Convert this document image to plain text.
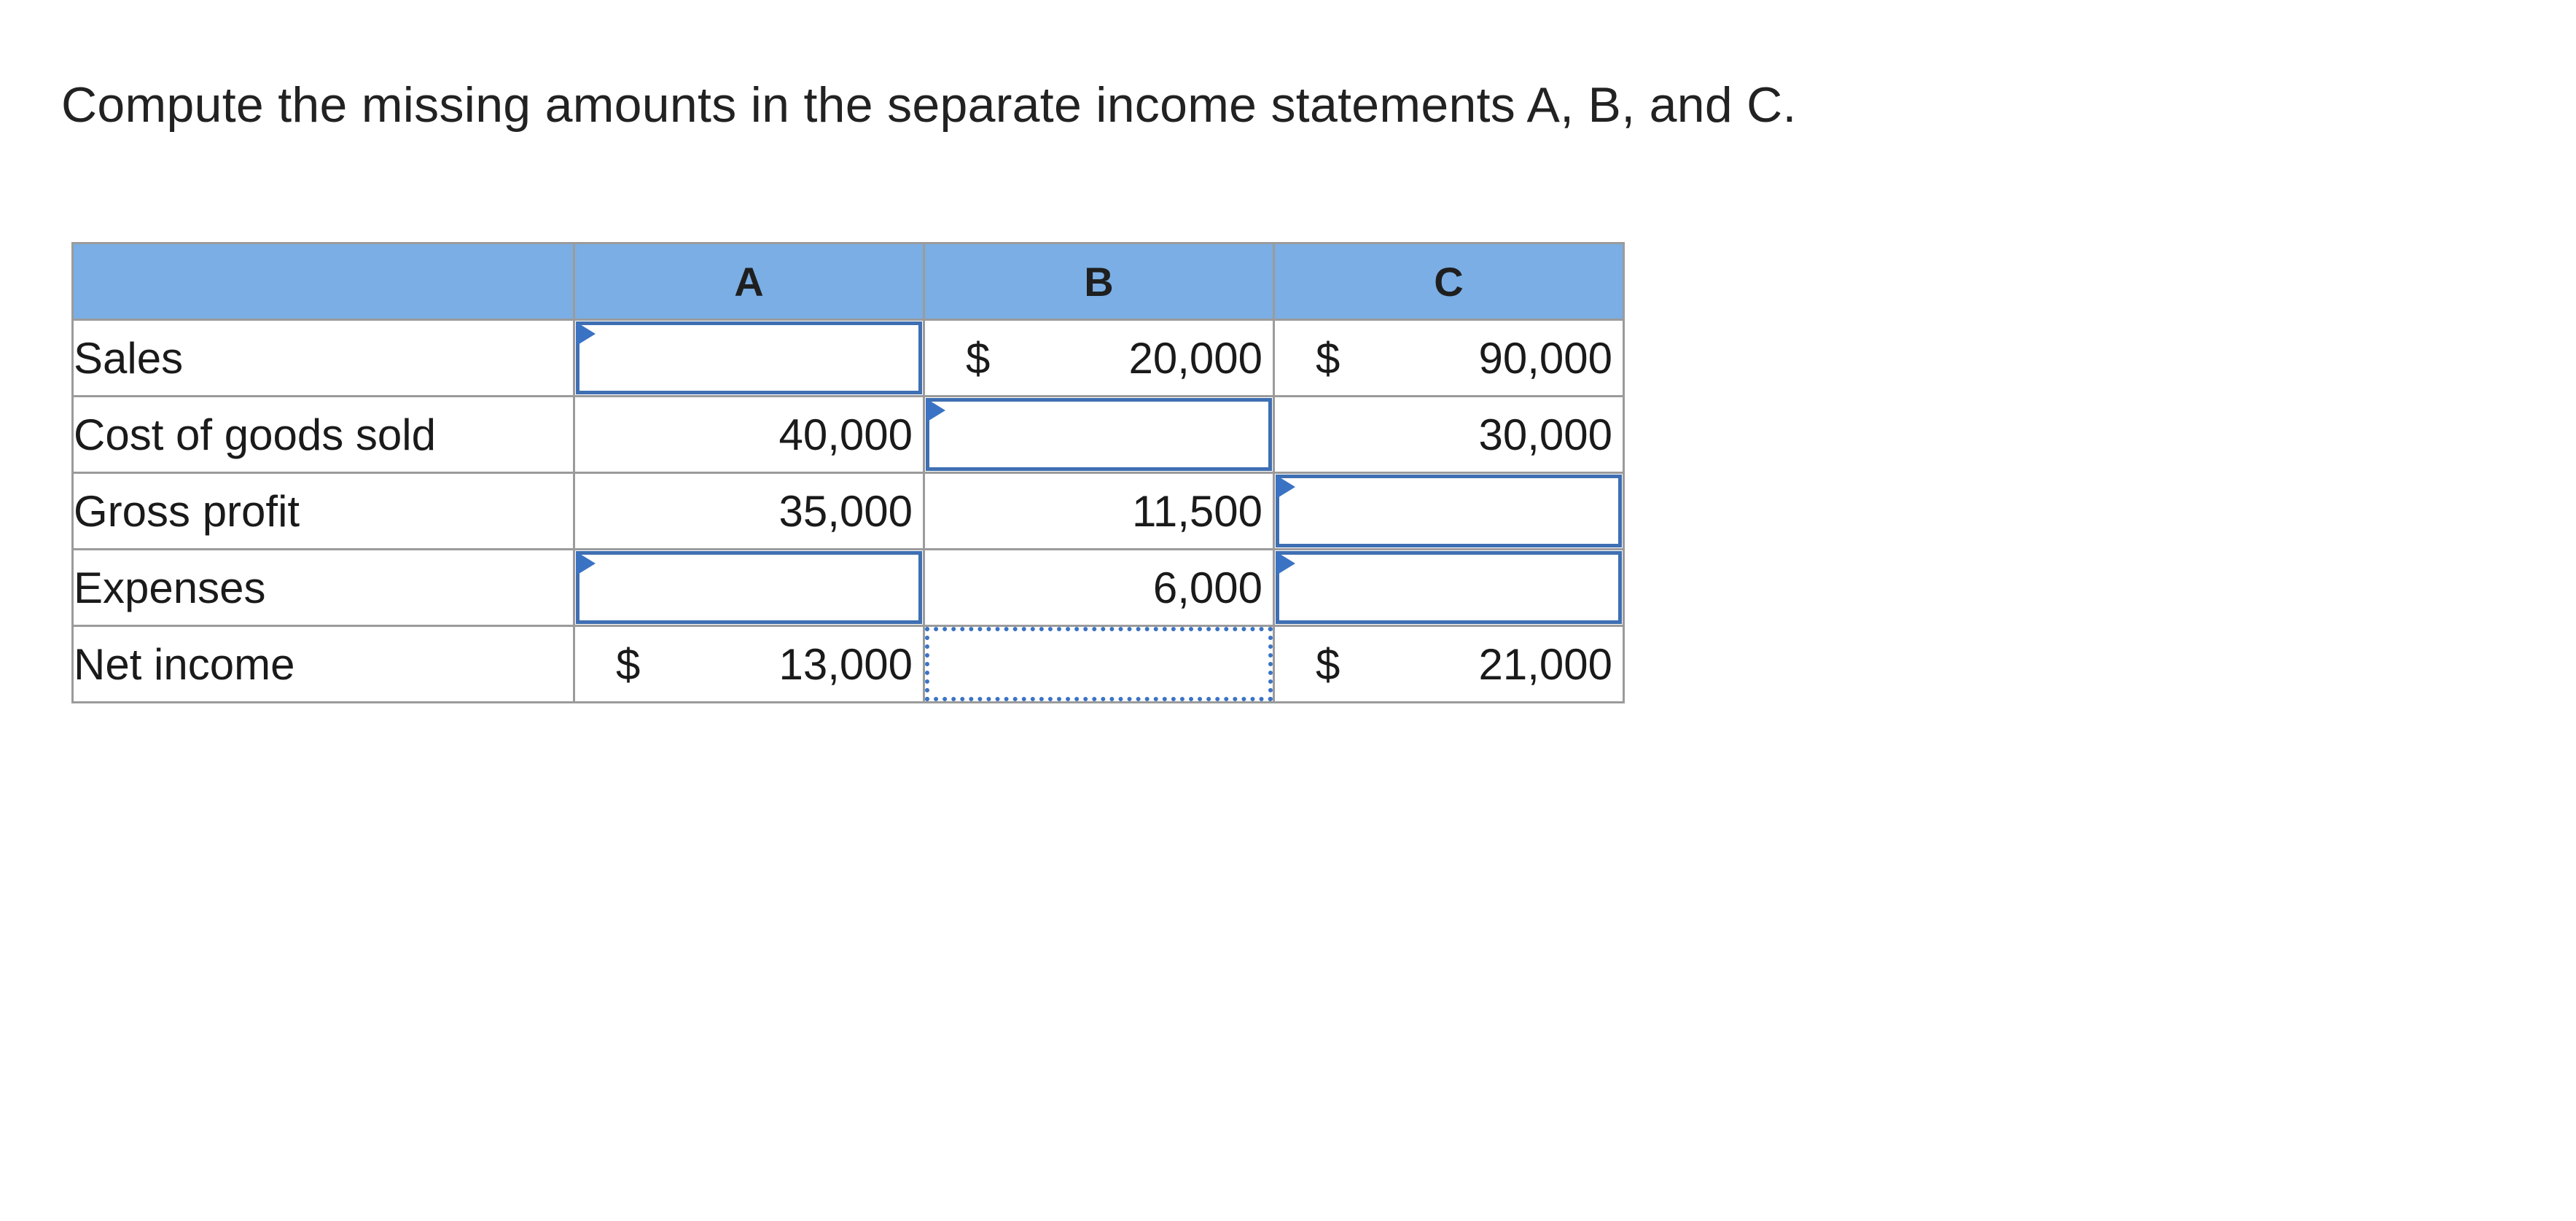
Compute the missing amounts in the separate income statements A, B, and C.
	A	B	C
Sales		$ 20,000	$ 90,000

Cost of goods sold	40,000		30,000

Gross profit	35,000	11,500

Expenses		6,000

Net income	$ 13,000		$ 21,000
